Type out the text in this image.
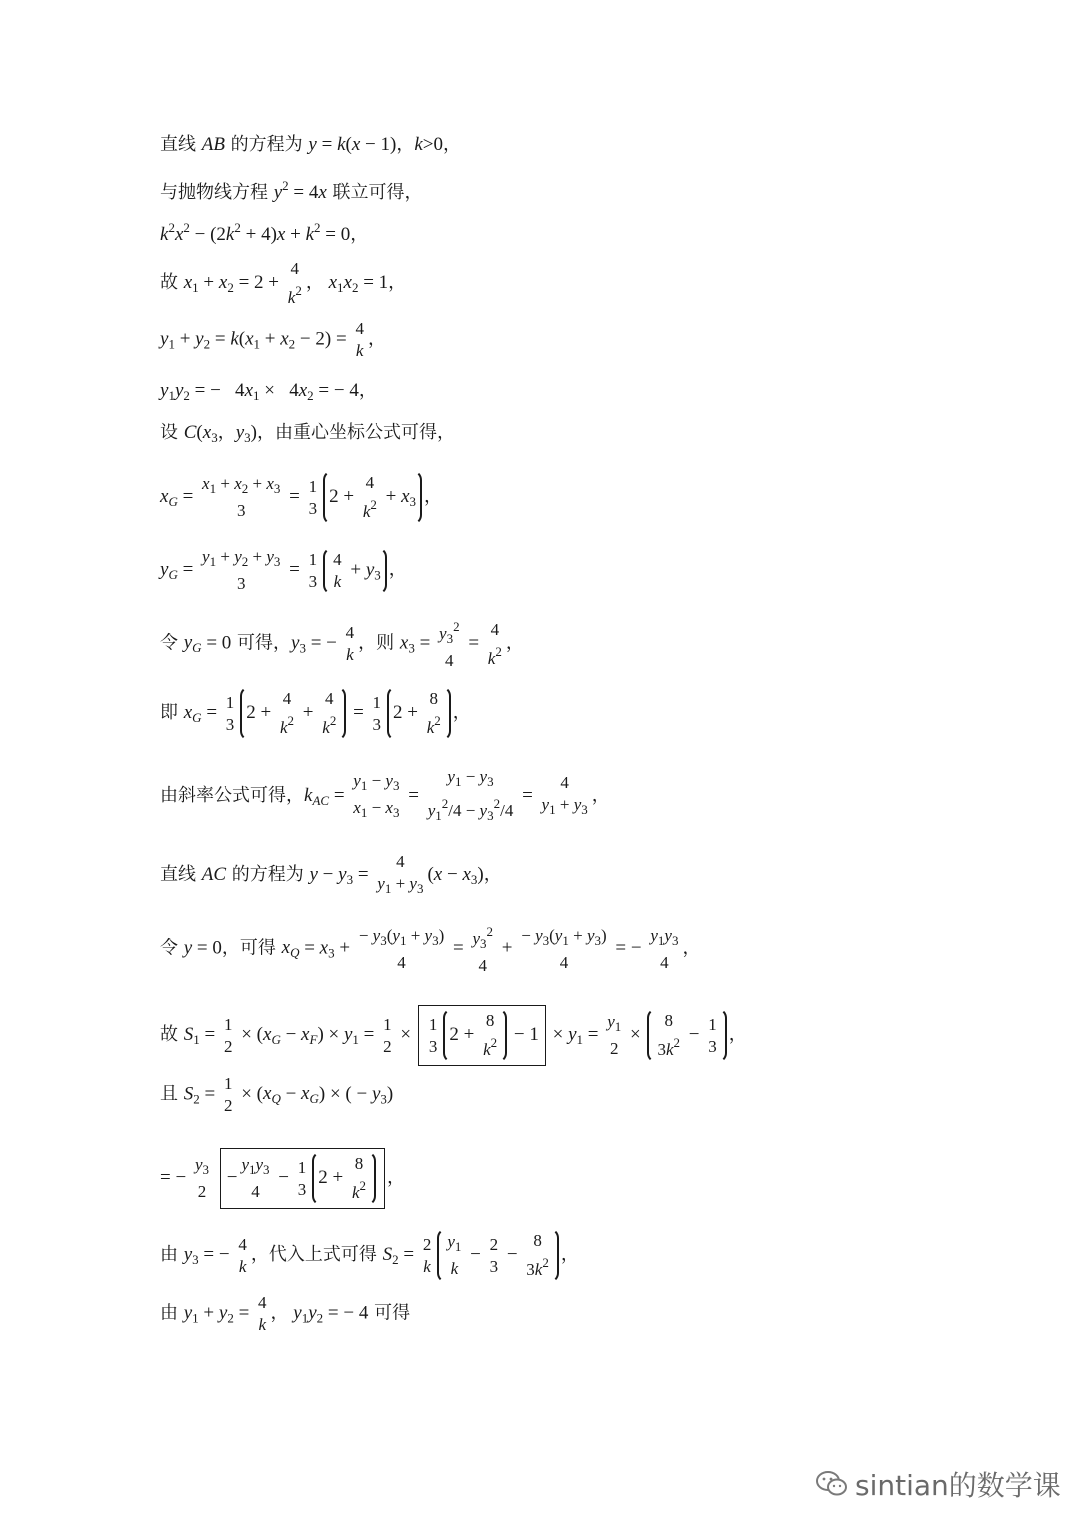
直线 AB 的方程为 y = k(x − 1)，k>0，
与抛物线方程 $y^2 = 4x$ 联立可得，
$k^2x^2 - (2k^2 + 4)x + k^2 = 0$，
故 $x_1 + x_2 = 2$ +
4
$k^2$ ， $x_1x_2 = 1$，
$y_1 + y_2 = k(x_1 + x_2 - 2) = 4$
k
，
$y_1y_2$ = −   $4x_1 \times 4x_2$ = − 4，
设 $C(x_3$，$y_3$)，由重心坐标公式可得，
$x_G$ =
$x_1 + x_2 + x_3$
3
= 1
3
2 +
4
$k^2 + x_3$ ，
$y_G$ =
$y_1 + y_2 + y_3$
3
= 1
3
4
k
+ $y_3$ ，
令 $y_G = 0$ 可得，$y_3$ = − 4
k
，则 $x_3 = y_3^2$
4
=
4
$k^2$ ，
即 $x_G = 1$
3
2 +
4
$k^2$ +
4
$k^2 = 1$
3
2 +
8
$k^2$ ，
由斜率公式可得，$k_{AC}$ =
$y_1 - y_3$
$x_1 - x_3$
=
$y_1 - y_3$
$y_1^2/4 - y_3^2/4$
=
4
$y_1 + y_3$
，
直线 AC 的方程为 $y - y_3$ =
4
$y_1 + y_3$
$(x - x_3)$，
令 y = 0，可得 $x_Q = x_3$ +
− $y_3(y_1 + y_3)$
4
= $y_3^2$
4
+
− $y_3(y_1 + y_3)$
4
= −
$y_1y_3$
4
，
故 $S_1 = 1$
2
× $(x_G - x_F) \times y_1 = 1$
2
× 1
3
2 +
8
$k^2 - 1 \times y_1$ =
$y_1$
2
×
8
$3k^2 - 1$
3
，
且 $S_2 = 1$
2
× $(x_Q - x_G)$ × ( − $y_3$)
= −
$y_3$
2
−
$y_1y_3$
4
− 1
3
2 +
8
$k^2$ ，
由 $y_3$ = − 4
k
，代入上式可得 $S_2 = 2$
k
$y_1$
k
− 2
3
−
8
$3k^2$ ，
由 $y_1 + y_2 = 4$
k
， $y_1y_2$ = − 4 可得
sintian的数学课
